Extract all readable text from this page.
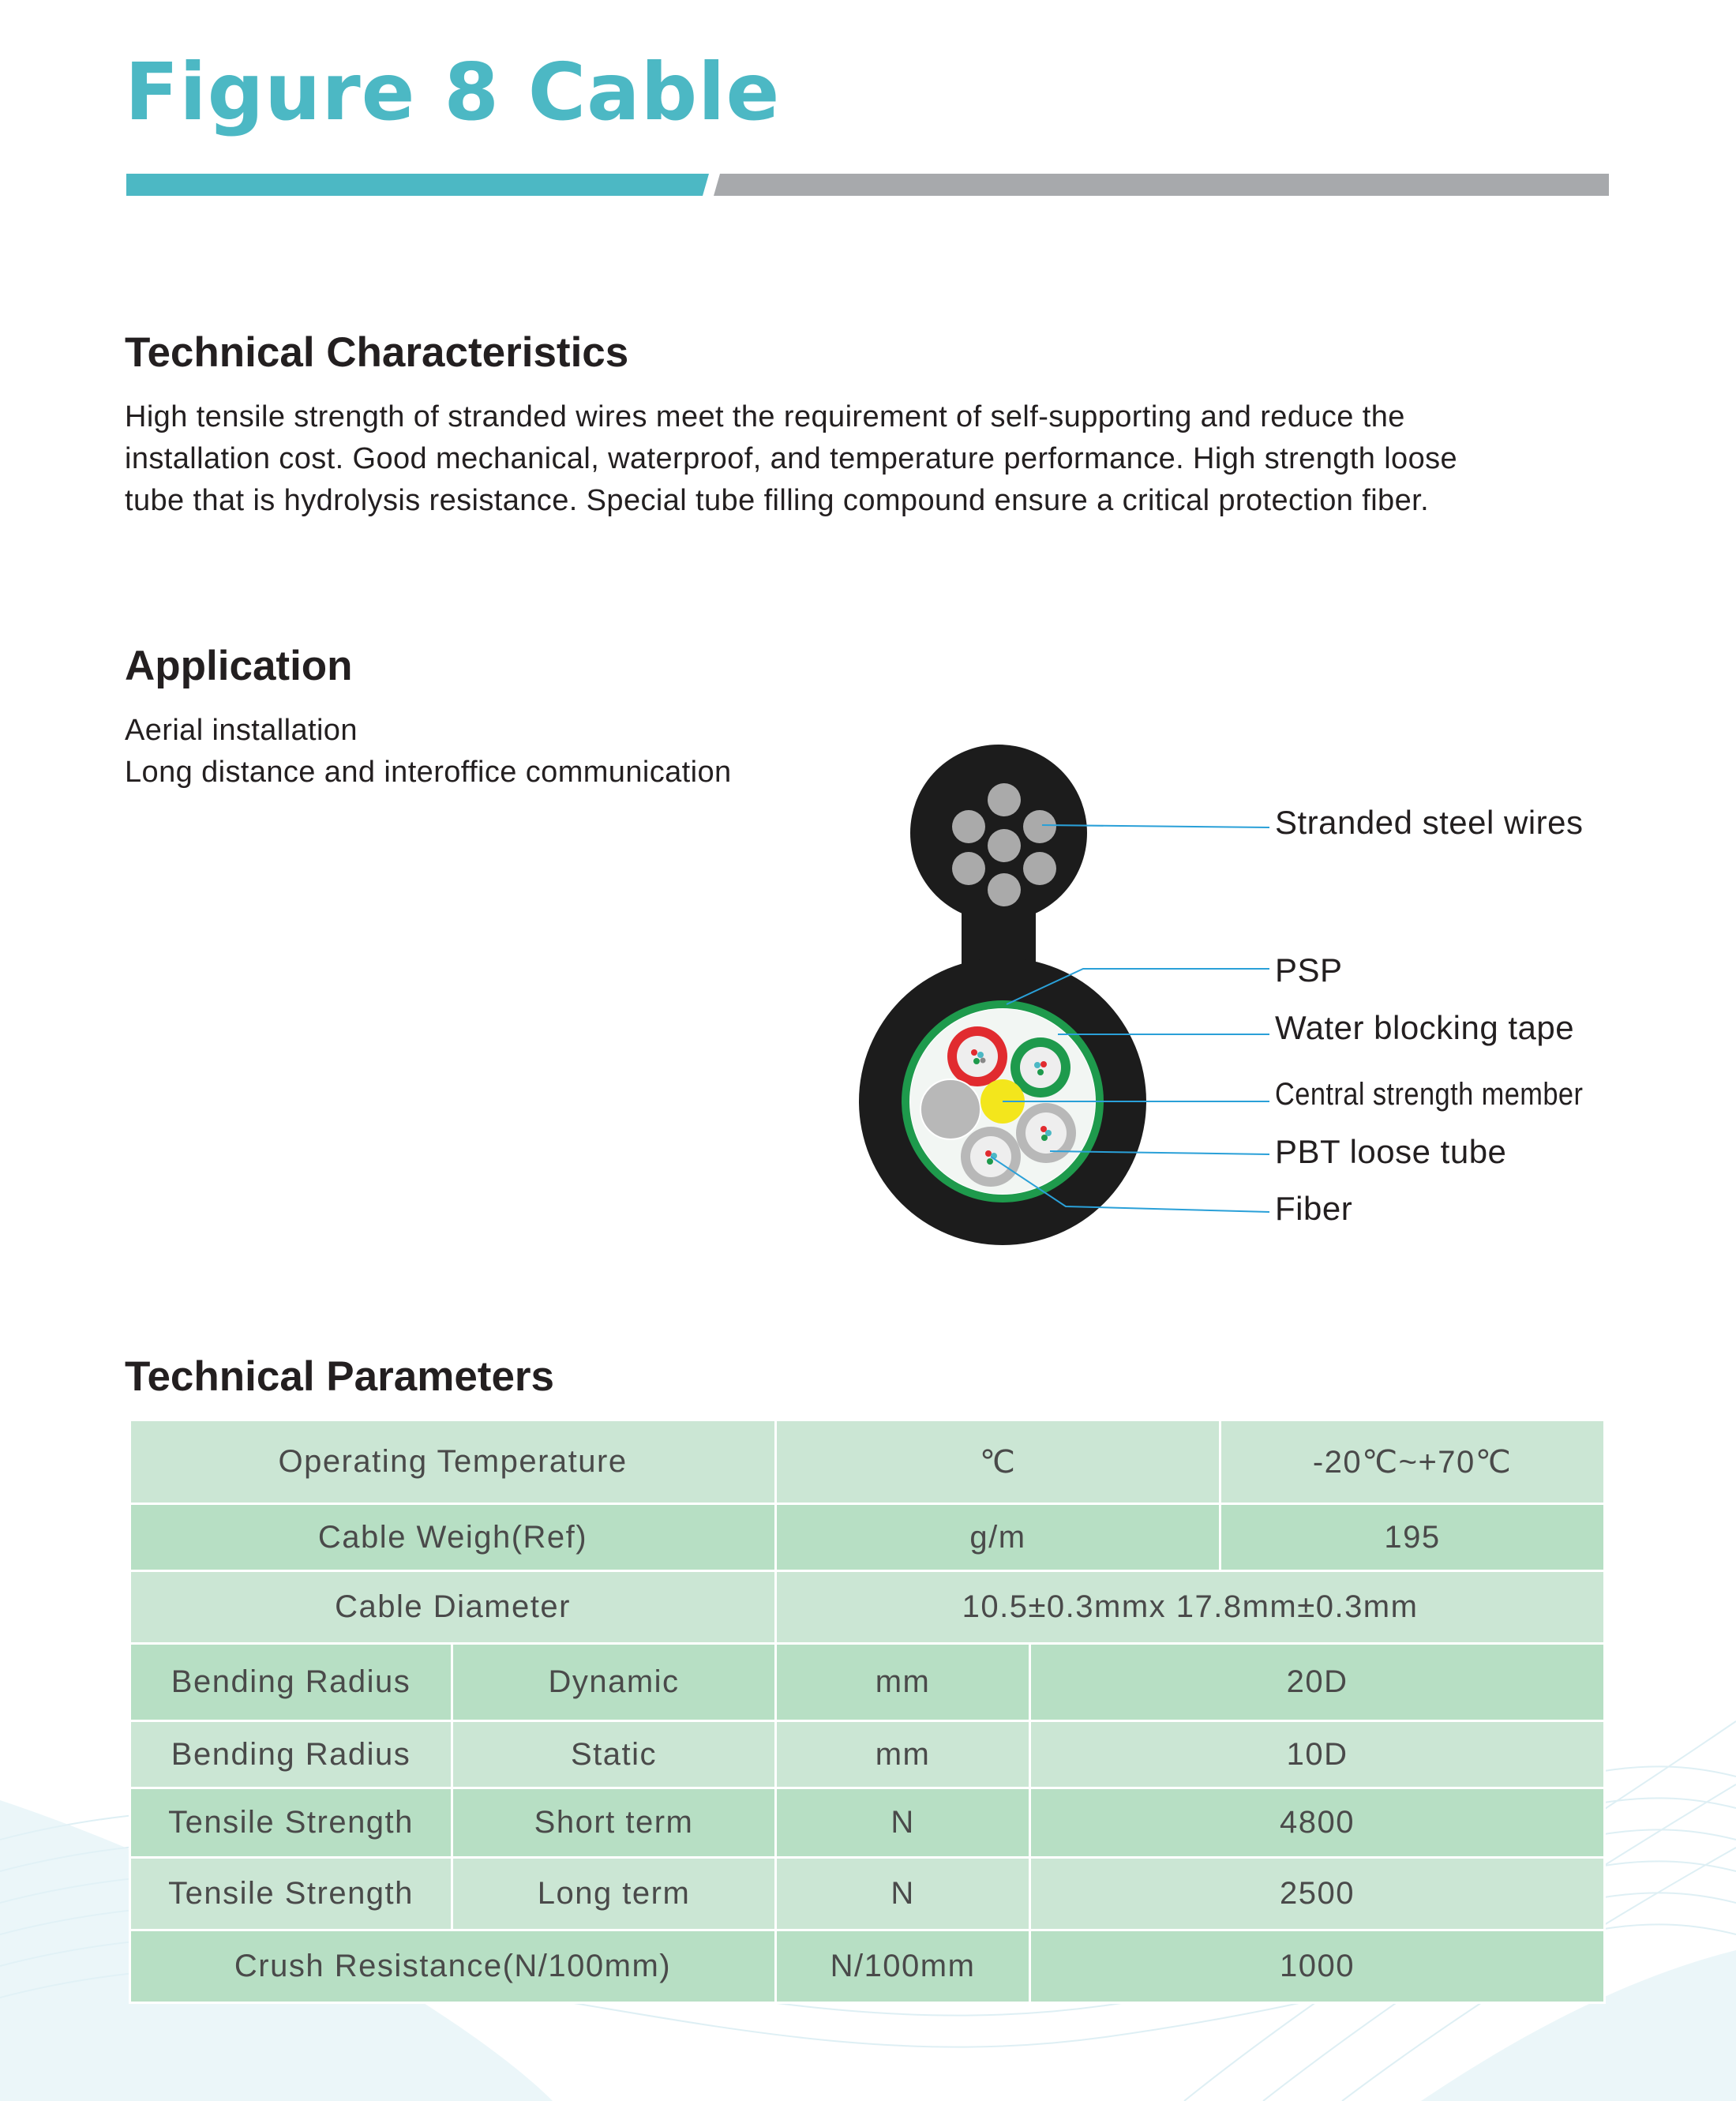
Figure 8 Cable
Technical Characteristics
High tensile strength of stranded wires meet the requirement of self-supporting and reduce the
installation cost. Good mechanical, waterproof, and temperature performance. High strength loose
tube that is hydrolysis resistance. Special tube filling compound ensure a critical protection fiber.
Application
Aerial installation
Long distance and interoffice communication
Stranded steel wires
PSP
Water blocking tape
Central strength member
PBT loose tube
Fiber
Technical Parameters
Operating Temperature		℃		-20℃~+70℃
Cable Weigh(Ref)		g/m		195
Cable Diameter		10.5±0.3mmx 17.8mm±0.3mm		
Bending Radius	Dynamic	mm	20D	
Bending Radius	Static	mm	10D	
Tensile Strength	Short term	N	4800	
Tensile Strength	Long term	N	2500	
Crush Resistance(N/100mm)		N/100mm	1000	
